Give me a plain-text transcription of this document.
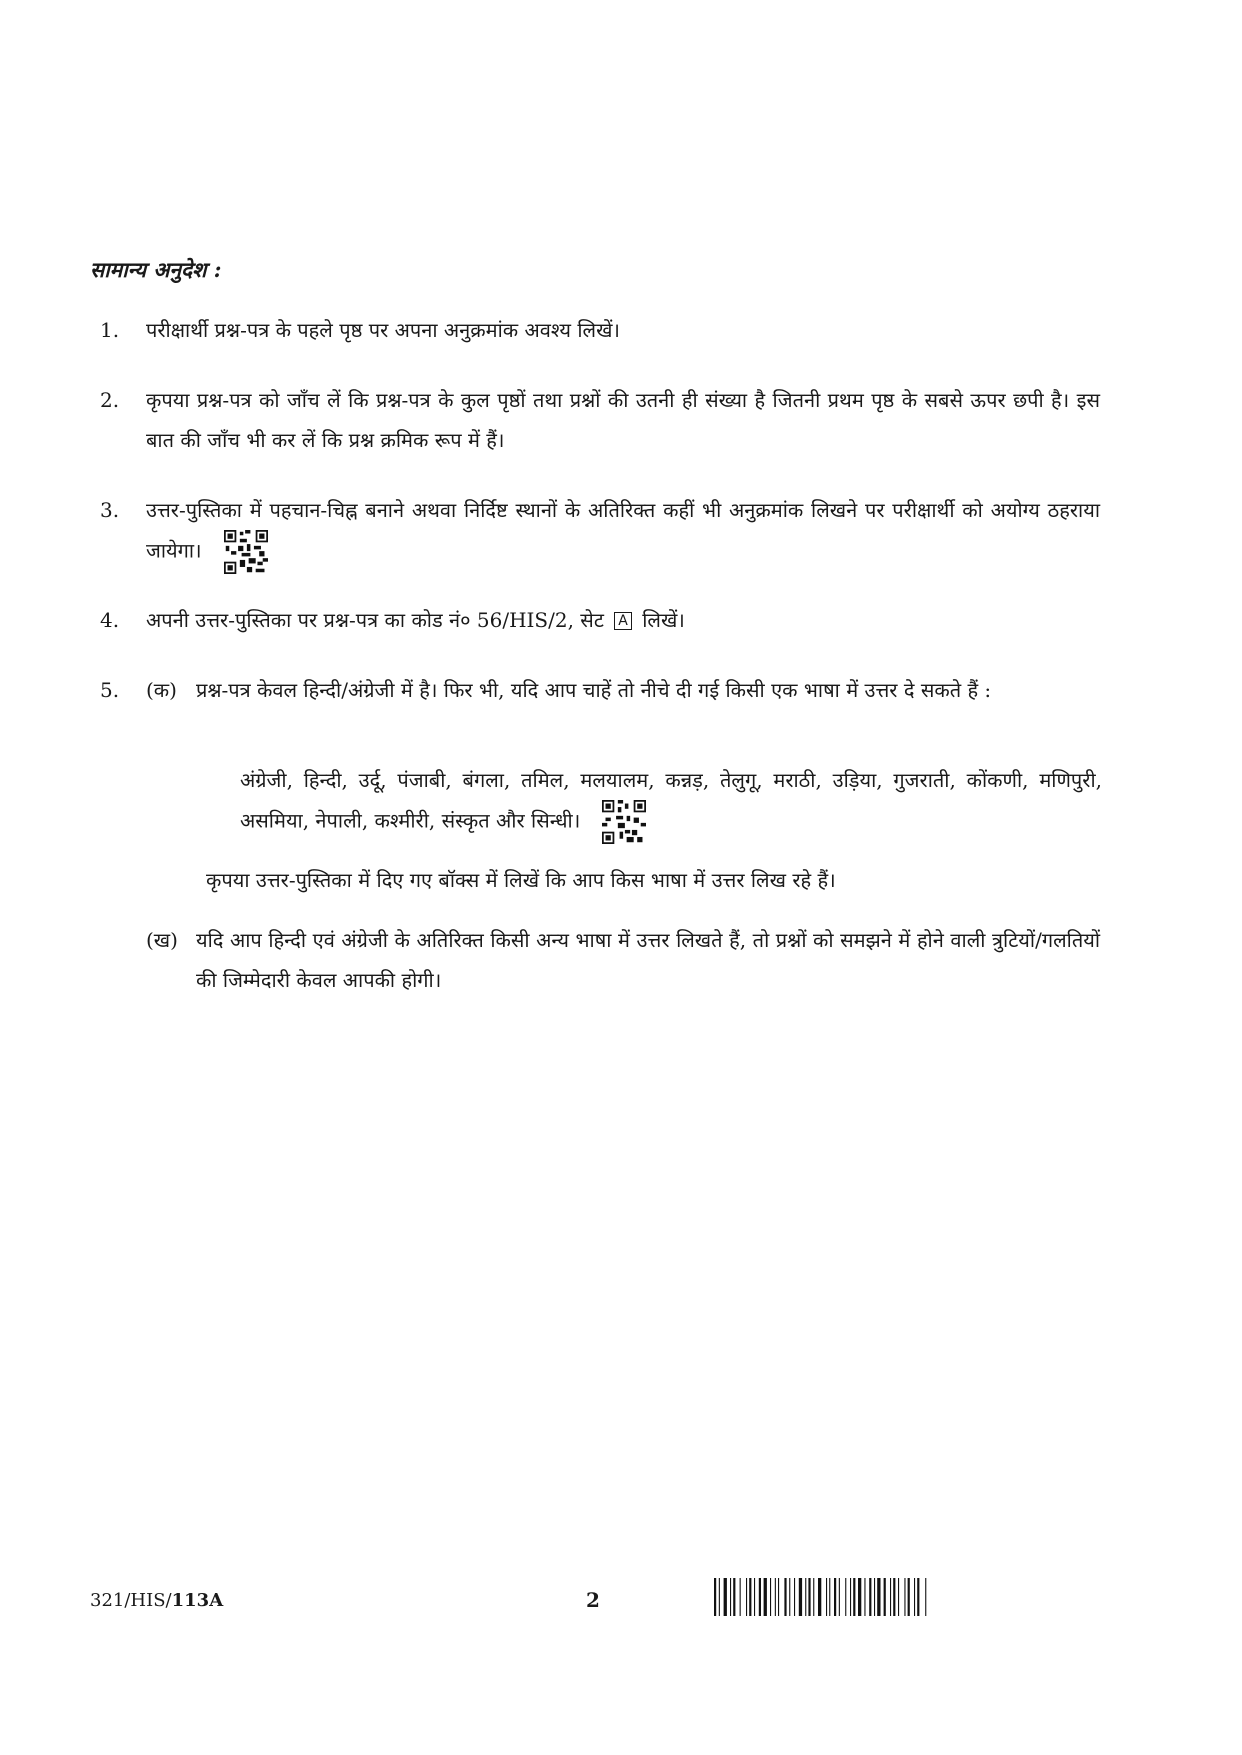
सामान्य अनुदेश :
1.	परीक्षार्थी प्रश्न-पत्र के पहले पृष्ठ पर अपना अनुक्रमांक अवश्य लिखें।
2.	कृपया प्रश्न-पत्र को जाँच लें कि प्रश्न-पत्र के कुल पृष्ठों तथा प्रश्नों की उतनी ही संख्या है जितनी प्रथम पृष्ठ के सबसे ऊपर छपी है। इस बात की जाँच भी कर लें कि प्रश्न क्रमिक रूप में हैं।
3.	उत्तर-पुस्तिका में पहचान-चिह्न बनाने अथवा निर्दिष्ट स्थानों के अतिरिक्त कहीं भी अनुक्रमांक लिखने पर परीक्षार्थी को अयोग्य ठहराया जायेगा।
4.	अपनी उत्तर-पुस्तिका पर प्रश्न-पत्र का कोड नं० 56/HIS/2, सेट A लिखें।
5.	(क) प्रश्न-पत्र केवल हिन्दी/अंग्रेजी में है। फिर भी, यदि आप चाहें तो नीचे दी गई किसी एक भाषा में उत्तर दे सकते हैं :
अंग्रेजी, हिन्दी, उर्दू, पंजाबी, बंगला, तमिल, मलयालम, कन्नड़, तेलुगू, मराठी, उड़िया, गुजराती, कोंकणी, मणिपुरी, असमिया, नेपाली, कश्मीरी, संस्कृत और सिन्धी।
कृपया उत्तर-पुस्तिका में दिए गए बॉक्स में लिखें कि आप किस भाषा में उत्तर लिख रहे हैं।
(ख) यदि आप हिन्दी एवं अंग्रेजी के अतिरिक्त किसी अन्य भाषा में उत्तर लिखते हैं, तो प्रश्नों को समझने में होने वाली त्रुटियों/गलतियों की जिम्मेदारी केवल आपकी होगी।
321/HIS/113A	2
